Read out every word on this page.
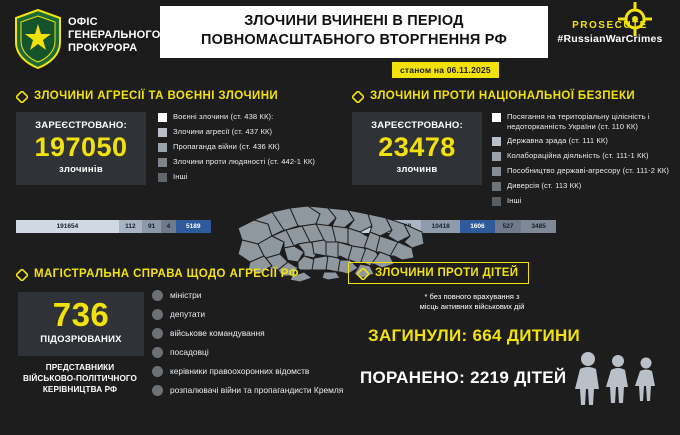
ОФІС
ГЕНЕРАЛЬНОГО
ПРОКУРОРА
ЗЛОЧИНИ ВЧИНЕНІ В ПЕРІОД
ПОВНОМАСШТАБНОГО ВТОРГНЕННЯ РФ
станом на 06.11.2025
PROSECUTE
#RussianWarCrimes
ЗЛОЧИНИ АГРЕСІЇ ТА ВОЄННІ ЗЛОЧИНИ
ЗАРЕЄСТРОВАНО:
197050
злочинів
Воєнні злочини (ст. 438 КК):
Злочини агресії (ст. 437 КК)
Пропаганда війни (ст. 436 КК)
Злочини проти людяності (ст. 442-1 КК)
Інші
191654	112	91	4	5189
ЗЛОЧИНИ ПРОТИ НАЦІОНАЛЬНОЇ БЕЗПЕКИ
ЗАРЕЄСТРОВАНО:
23478
злочинв
Посягання на територіальну цілісність і недоторканність України (ст. 110 КК)
Державна зрада (ст. 111 КК)
Колабораційна діяльність (ст. 111-1 КК)
Пособництво державі-агресору (ст. 111-2 КК)
Диверсія (ст. 113 КК)
Інші
10418	1606	527	3485
МАГІСТРАЛЬНА СПРАВА ЩОДО АГРЕСІЇ РФ
736
ПІДОЗРЮВАНИХ
ПРЕДСТАВНИКИ
ВІЙСЬКОВО-ПОЛІТИЧНОГО
КЕРІВНИЦТВА РФ
міністри
депутати
військове командування
посадовці
керівники правоохоронних відомств
розпалювачі війни та пропагандисти Кремля
ЗЛОЧИНИ ПРОТИ ДІТЕЙ
* без повного врахування з
місць активних військових дій
ЗАГИНУЛИ: 664 ДИТИНИ
ПОРАНЕНО: 2219 ДІТЕЙ
